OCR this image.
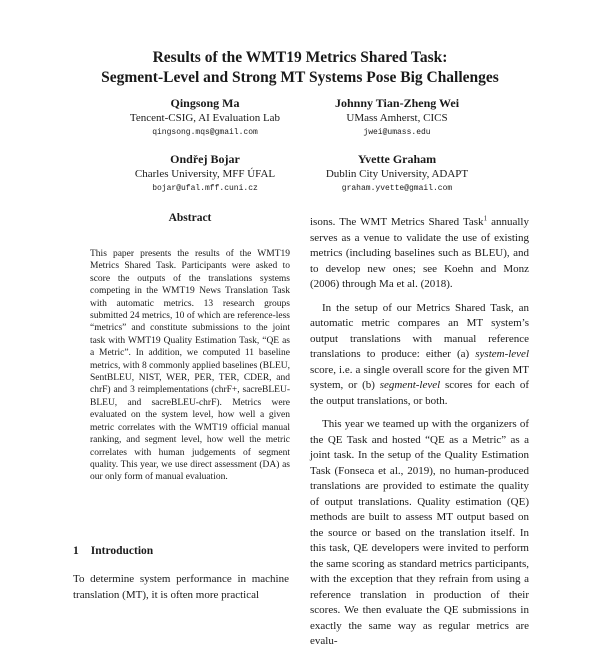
Results of the WMT19 Metrics Shared Task:
Segment-Level and Strong MT Systems Pose Big Challenges
Qingsong Ma
Tencent-CSIG, AI Evaluation Lab
qingsong.mqs@gmail.com
Johnny Tian-Zheng Wei
UMass Amherst, CICS
jwei@umass.edu
Ondřej Bojar
Charles University, MFF ÚFAL
bojar@ufal.mff.cuni.cz
Yvette Graham
Dublin City University, ADAPT
graham.yvette@gmail.com
Abstract
This paper presents the results of the WMT19 Metrics Shared Task. Participants were asked to score the outputs of the translations systems competing in the WMT19 News Translation Task with automatic metrics. 13 research groups submitted 24 metrics, 10 of which are reference-less “metrics” and constitute submissions to the joint task with WMT19 Quality Estimation Task, “QE as a Metric”. In addition, we computed 11 baseline metrics, with 8 commonly applied baselines (BLEU, SentBLEU, NIST, WER, PER, TER, CDER, and chrF) and 3 reimplementations (chrF+, sacreBLEU-BLEU, and sacreBLEU-chrF). Metrics were evaluated on the system level, how well a given metric correlates with the WMT19 official manual ranking, and segment level, how well the metric correlates with human judgements of segment quality. This year, we use direct assessment (DA) as our only form of manual evaluation.
1 Introduction
To determine system performance in machine translation (MT), it is often more practical

isons. The WMT Metrics Shared Task$^1$ annually serves as a venue to validate the use of existing metrics (including baselines such as BLEU), and to develop new ones; see Koehn and Monz (2006) through Ma et al. (2018).

In the setup of our Metrics Shared Task, an automatic metric compares an MT system’s output translations with manual reference translations to produce: either (a) system-level score, i.e. a single overall score for the given MT system, or (b) segment-level scores for each of the output translations, or both.

This year we teamed up with the organizers of the QE Task and hosted “QE as a Metric” as a joint task. In the setup of the Quality Estimation Task (Fonseca et al., 2019), no human-produced translations are provided to estimate the quality of output translations. Quality estimation (QE) methods are built to assess MT output based on the source or based on the translation itself. In this task, QE developers were invited to perform the same scoring as standard metrics participants, with the exception that they refrain from using a reference translation in production of their scores. We then evaluate the QE submissions in exactly the same way as regular metrics are evalu-
